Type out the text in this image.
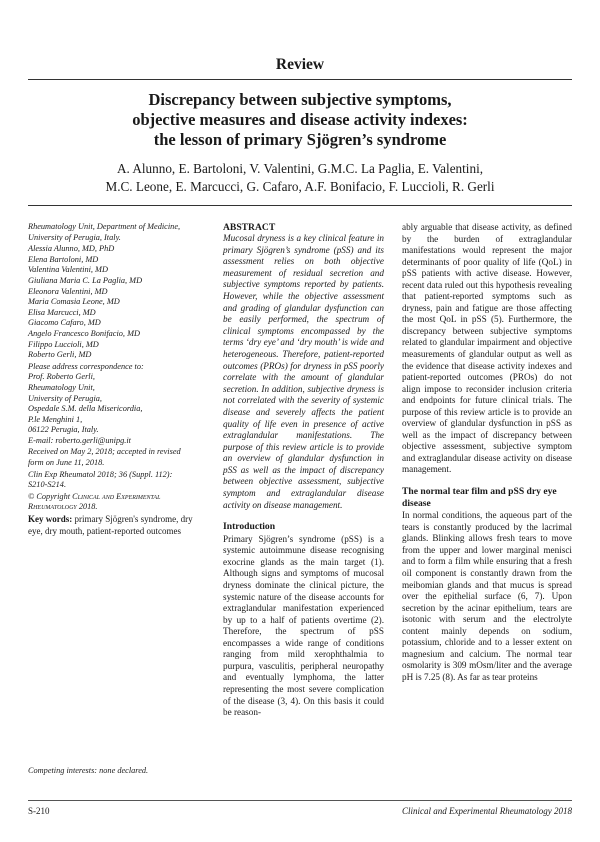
Review
Discrepancy between subjective symptoms,
objective measures and disease activity indexes:
the lesson of primary Sjögren’s syndrome
A. Alunno, E. Bartoloni, V. Valentini, G.M.C. La Paglia, E. Valentini,
M.C. Leone, E. Marcucci, G. Cafaro, A.F. Bonifacio, F. Luccioli, R. Gerli

Rheumatology Unit, Department of Medicine, University of Perugia, Italy.

Alessia Alunno, MD, PhD

Elena Bartoloni, MD

Valentina Valentini, MD

Giuliana Maria C. La Paglia, MD

Eleonora Valentini, MD

Maria Comasia Leone, MD

Elisa Marcucci, MD

Giacomo Cafaro, MD

Angelo Francesco Bonifacio, MD

Filippo Luccioli, MD

Roberto Gerli, MD

Please address correspondence to:

Prof. Roberto Gerli,

Rheumatology Unit,

University of Perugia,

Ospedale S.M. della Misericordia,

P.le Menghini 1,

06122 Perugia, Italy.

E-mail: roberto.gerli@unipg.it

Received on May 2, 2018; accepted in revised form on June 11, 2018.

Clin Exp Rheumatol 2018; 36 (Suppl. 112): S210-S214.

© Copyright Clinical and Experimental Rheumatology 2018.

Key words: primary Sjögren's syndrome, dry eye, dry mouth, patient-reported outcomes

Competing interests: none declared.

ABSTRACT

Mucosal dryness is a key clinical feature in primary Sjögren’s syndrome (pSS) and its assessment relies on both objective measurement of residual secretion and subjective symptoms reported by patients. However, while the objective assessment and grading of glandular dysfunction can be easily performed, the spectrum of clinical symptoms encompassed by the terms ‘dry eye’ and ‘dry mouth’ is wide and heterogeneous. Therefore, patient-reported outcomes (PROs) for dryness in pSS poorly correlate with the amount of glandular secretion. In addition, subjective dryness is not correlated with the severity of systemic disease and severely affects the patient quality of life even in presence of active extraglandular manifestations. The purpose of this review article is to provide an overview of glandular dysfunction in pSS as well as the impact of discrepancy between objective assessment, subjective symptom and extraglandular disease activity on disease management.

Introduction

Primary Sjögren’s syndrome (pSS) is a systemic autoimmune disease recognising exocrine glands as the main target (1). Although signs and symptoms of mucosal dryness dominate the clinical picture, the systemic nature of the disease accounts for extraglandular manifestation experienced by up to a half of patients overtime (2). Therefore, the spectrum of pSS encompasses a wide range of conditions ranging from mild xerophthalmia to purpura, vasculitis, peripheral neuropathy and eventually lymphoma, the latter representing the most severe complication of the disease (3, 4). On this basis it could be reason-

ably arguable that disease activity, as defined by the burden of extraglandular manifestations would represent the major determinants of poor quality of life (QoL) in pSS patients with active disease. However, recent data ruled out this hypothesis revealing that patient-reported symptoms such as dryness, pain and fatigue are those affecting the most QoL in pSS (5). Furthermore, the discrepancy between subjective symptoms related to glandular impairment and objective measurements of glandular output as well as the evidence that disease activity indexes and patient-reported outcomes (PROs) do not align impose to reconsider inclusion criteria and endpoints for future clinical trials. The purpose of this review article is to provide an overview of glandular dysfunction in pSS as well as the impact of discrepancy between objective assessment, subjective symptom and extraglandular disease activity on disease management.

The normal tear film and pSS dry eye disease

In normal conditions, the aqueous part of the tears is constantly produced by the lacrimal glands. Blinking allows fresh tears to move from the upper and lower marginal menisci and to form a film while ensuring that a fresh oil component is constantly drawn from the meibomian glands and that mucus is spread over the epithelial surface (6, 7). Upon secretion by the acinar epithelium, tears are isotonic with serum and the electrolyte content mainly depends on sodium, potassium, chloride and to a lesser extent on magnesium and calcium. The normal tear osmolarity is 309 mOsm/liter and the average pH is 7.25 (8). As far as tear proteins

S-210	Clinical and Experimental Rheumatology 2018
